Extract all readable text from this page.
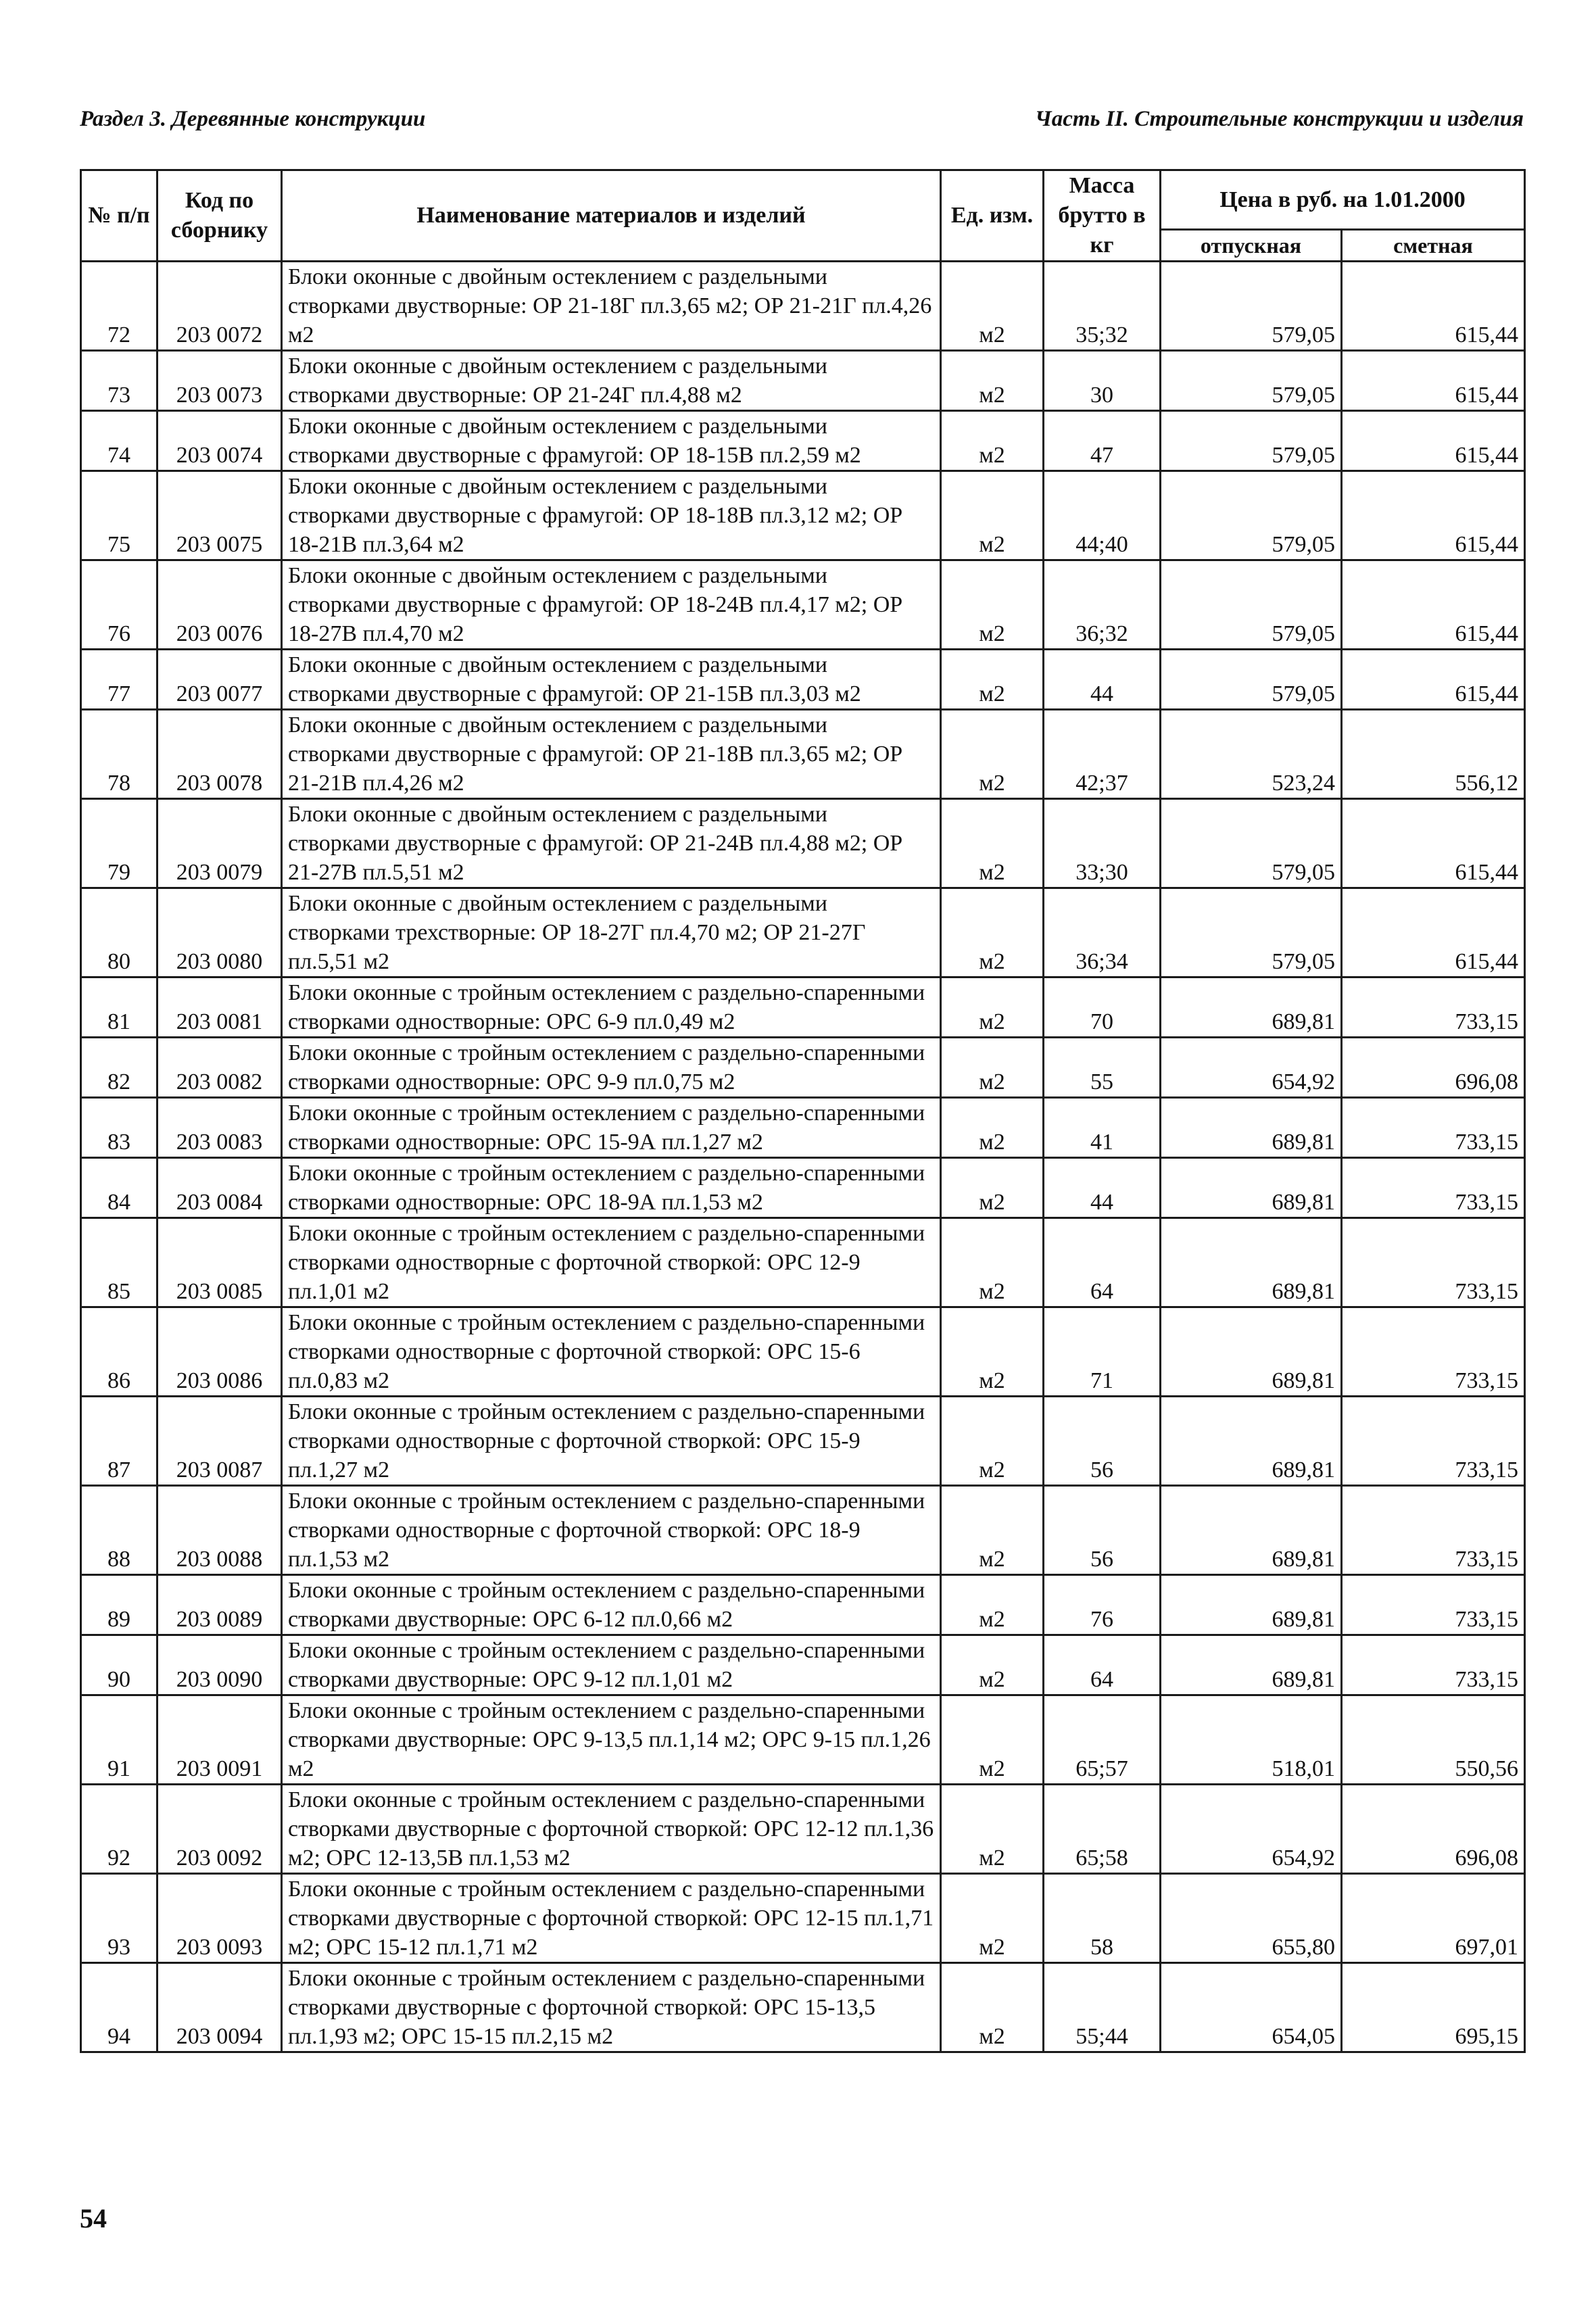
Раздел 3. Деревянные конструкции	Часть II. Строительные конструкции и изделия
№ п/п	Код по сборнику	Наименование материалов и изделий	Ед. изм.	Масса брутто в кг	Цена в руб. на 1.01.2000	
					отпускная	сметная
72	203 0072	Блоки оконные с двойным остеклением с раздельными створками двустворные: ОР 21-18Г пл.3,65 м2; ОР 21-21Г пл.4,26 м2	м2	35;32	579,05	615,44
73	203 0073	Блоки оконные с двойным остеклением с раздельными створками двустворные: ОР 21-24Г пл.4,88 м2	м2	30	579,05	615,44
74	203 0074	Блоки оконные с двойным остеклением с раздельными створками двустворные с фрамугой: ОР 18-15В пл.2,59 м2	м2	47	579,05	615,44
75	203 0075	Блоки оконные с двойным остеклением с раздельными створками двустворные с фрамугой: ОР 18-18В пл.3,12 м2; ОР 18-21В пл.3,64 м2	м2	44;40	579,05	615,44
76	203 0076	Блоки оконные с двойным остеклением с раздельными створками двустворные с фрамугой: ОР 18-24В пл.4,17 м2; ОР 18-27В пл.4,70 м2	м2	36;32	579,05	615,44
77	203 0077	Блоки оконные с двойным остеклением с раздельными створками двустворные с фрамугой: ОР 21-15В пл.3,03 м2	м2	44	579,05	615,44
78	203 0078	Блоки оконные с двойным остеклением с раздельными створками двустворные с фрамугой: ОР 21-18В пл.3,65 м2; ОР 21-21В пл.4,26 м2	м2	42;37	523,24	556,12
79	203 0079	Блоки оконные с двойным остеклением с раздельными створками двустворные с фрамугой: ОР 21-24В пл.4,88 м2; ОР 21-27В пл.5,51 м2	м2	33;30	579,05	615,44
80	203 0080	Блоки оконные с двойным остеклением с раздельными створками трехстворные: ОР 18-27Г пл.4,70 м2; ОР 21-27Г пл.5,51 м2	м2	36;34	579,05	615,44
81	203 0081	Блоки оконные с тройным остеклением с раздельно-спаренными створками одностворные: ОРС 6-9 пл.0,49 м2	м2	70	689,81	733,15
82	203 0082	Блоки оконные с тройным остеклением с раздельно-спаренными створками одностворные: ОРС 9-9 пл.0,75 м2	м2	55	654,92	696,08
83	203 0083	Блоки оконные с тройным остеклением с раздельно-спаренными створками одностворные: ОРС 15-9А пл.1,27 м2	м2	41	689,81	733,15
84	203 0084	Блоки оконные с тройным остеклением с раздельно-спаренными створками одностворные: ОРС 18-9А пл.1,53 м2	м2	44	689,81	733,15
85	203 0085	Блоки оконные с тройным остеклением с раздельно-спаренными створками одностворные с форточной створкой: ОРС 12-9 пл.1,01 м2	м2	64	689,81	733,15
86	203 0086	Блоки оконные с тройным остеклением с раздельно-спаренными створками одностворные с форточной створкой: ОРС 15-6 пл.0,83 м2	м2	71	689,81	733,15
87	203 0087	Блоки оконные с тройным остеклением с раздельно-спаренными створками одностворные с форточной створкой: ОРС 15-9 пл.1,27 м2	м2	56	689,81	733,15
88	203 0088	Блоки оконные с тройным остеклением с раздельно-спаренными створками одностворные с форточной створкой: ОРС 18-9 пл.1,53 м2	м2	56	689,81	733,15
89	203 0089	Блоки оконные с тройным остеклением с раздельно-спаренными створками двустворные: ОРС 6-12 пл.0,66 м2	м2	76	689,81	733,15
90	203 0090	Блоки оконные с тройным остеклением с раздельно-спаренными створками двустворные: ОРС 9-12 пл.1,01 м2	м2	64	689,81	733,15
91	203 0091	Блоки оконные с тройным остеклением с раздельно-спаренными створками двустворные: ОРС 9-13,5 пл.1,14 м2; ОРС 9-15 пл.1,26 м2	м2	65;57	518,01	550,56
92	203 0092	Блоки оконные с тройным остеклением с раздельно-спаренными створками двустворные с форточной створкой: ОРС 12-12 пл.1,36 м2; ОРС 12-13,5В пл.1,53 м2	м2	65;58	654,92	696,08
93	203 0093	Блоки оконные с тройным остеклением с раздельно-спаренными створками двустворные с форточной створкой: ОРС 12-15 пл.1,71 м2; ОРС 15-12 пл.1,71 м2	м2	58	655,80	697,01
94	203 0094	Блоки оконные с тройным остеклением с раздельно-спаренными створками двустворные с форточной створкой: ОРС 15-13,5 пл.1,93 м2; ОРС 15-15 пл.2,15 м2	м2	55;44	654,05	695,15
54
